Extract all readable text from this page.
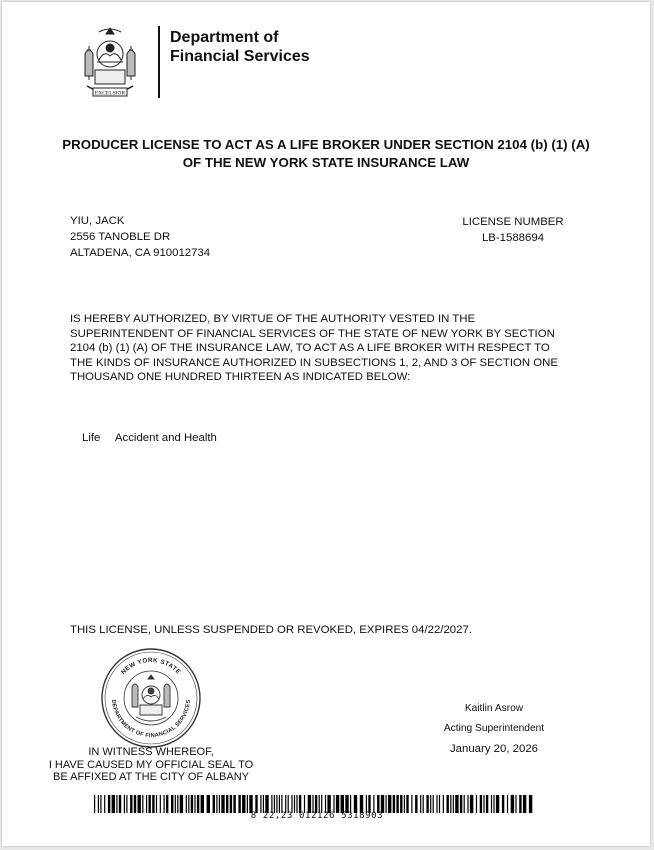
EXCELSIOR
Department of
Financial Services
PRODUCER LICENSE TO ACT AS A LIFE BROKER UNDER SECTION 2104 (b) (1) (A)
OF THE NEW YORK STATE INSURANCE LAW
YIU, JACK
2556 TANOBLE DR
ALTADENA, CA 910012734
LICENSE NUMBER
LB-1588694
IS HEREBY AUTHORIZED, BY VIRTUE OF THE AUTHORITY VESTED IN THE
SUPERINTENDENT OF FINANCIAL SERVICES OF THE STATE OF NEW YORK BY SECTION
2104 (b) (1) (A) OF THE INSURANCE LAW, TO ACT AS A LIFE BROKER WITH RESPECT TO
THE KINDS OF INSURANCE AUTHORIZED IN SUBSECTIONS 1, 2, AND 3 OF SECTION ONE
THOUSAND ONE HUNDRED THIRTEEN AS INDICATED BELOW:
Life Accident and Health
THIS LICENSE, UNLESS SUSPENDED OR REVOKED, EXPIRES 04/22/2027.
NEW YORK STATE
DEPARTMENT OF FINANCIAL SERVICES
IN WITNESS WHEREOF,
I HAVE CAUSED MY OFFICIAL SEAL TO
BE AFFIXED AT THE CITY OF ALBANY
Kaitlin Asrow
Acting Superintendent
January 20, 2026
8 22,23 012126 5318903
